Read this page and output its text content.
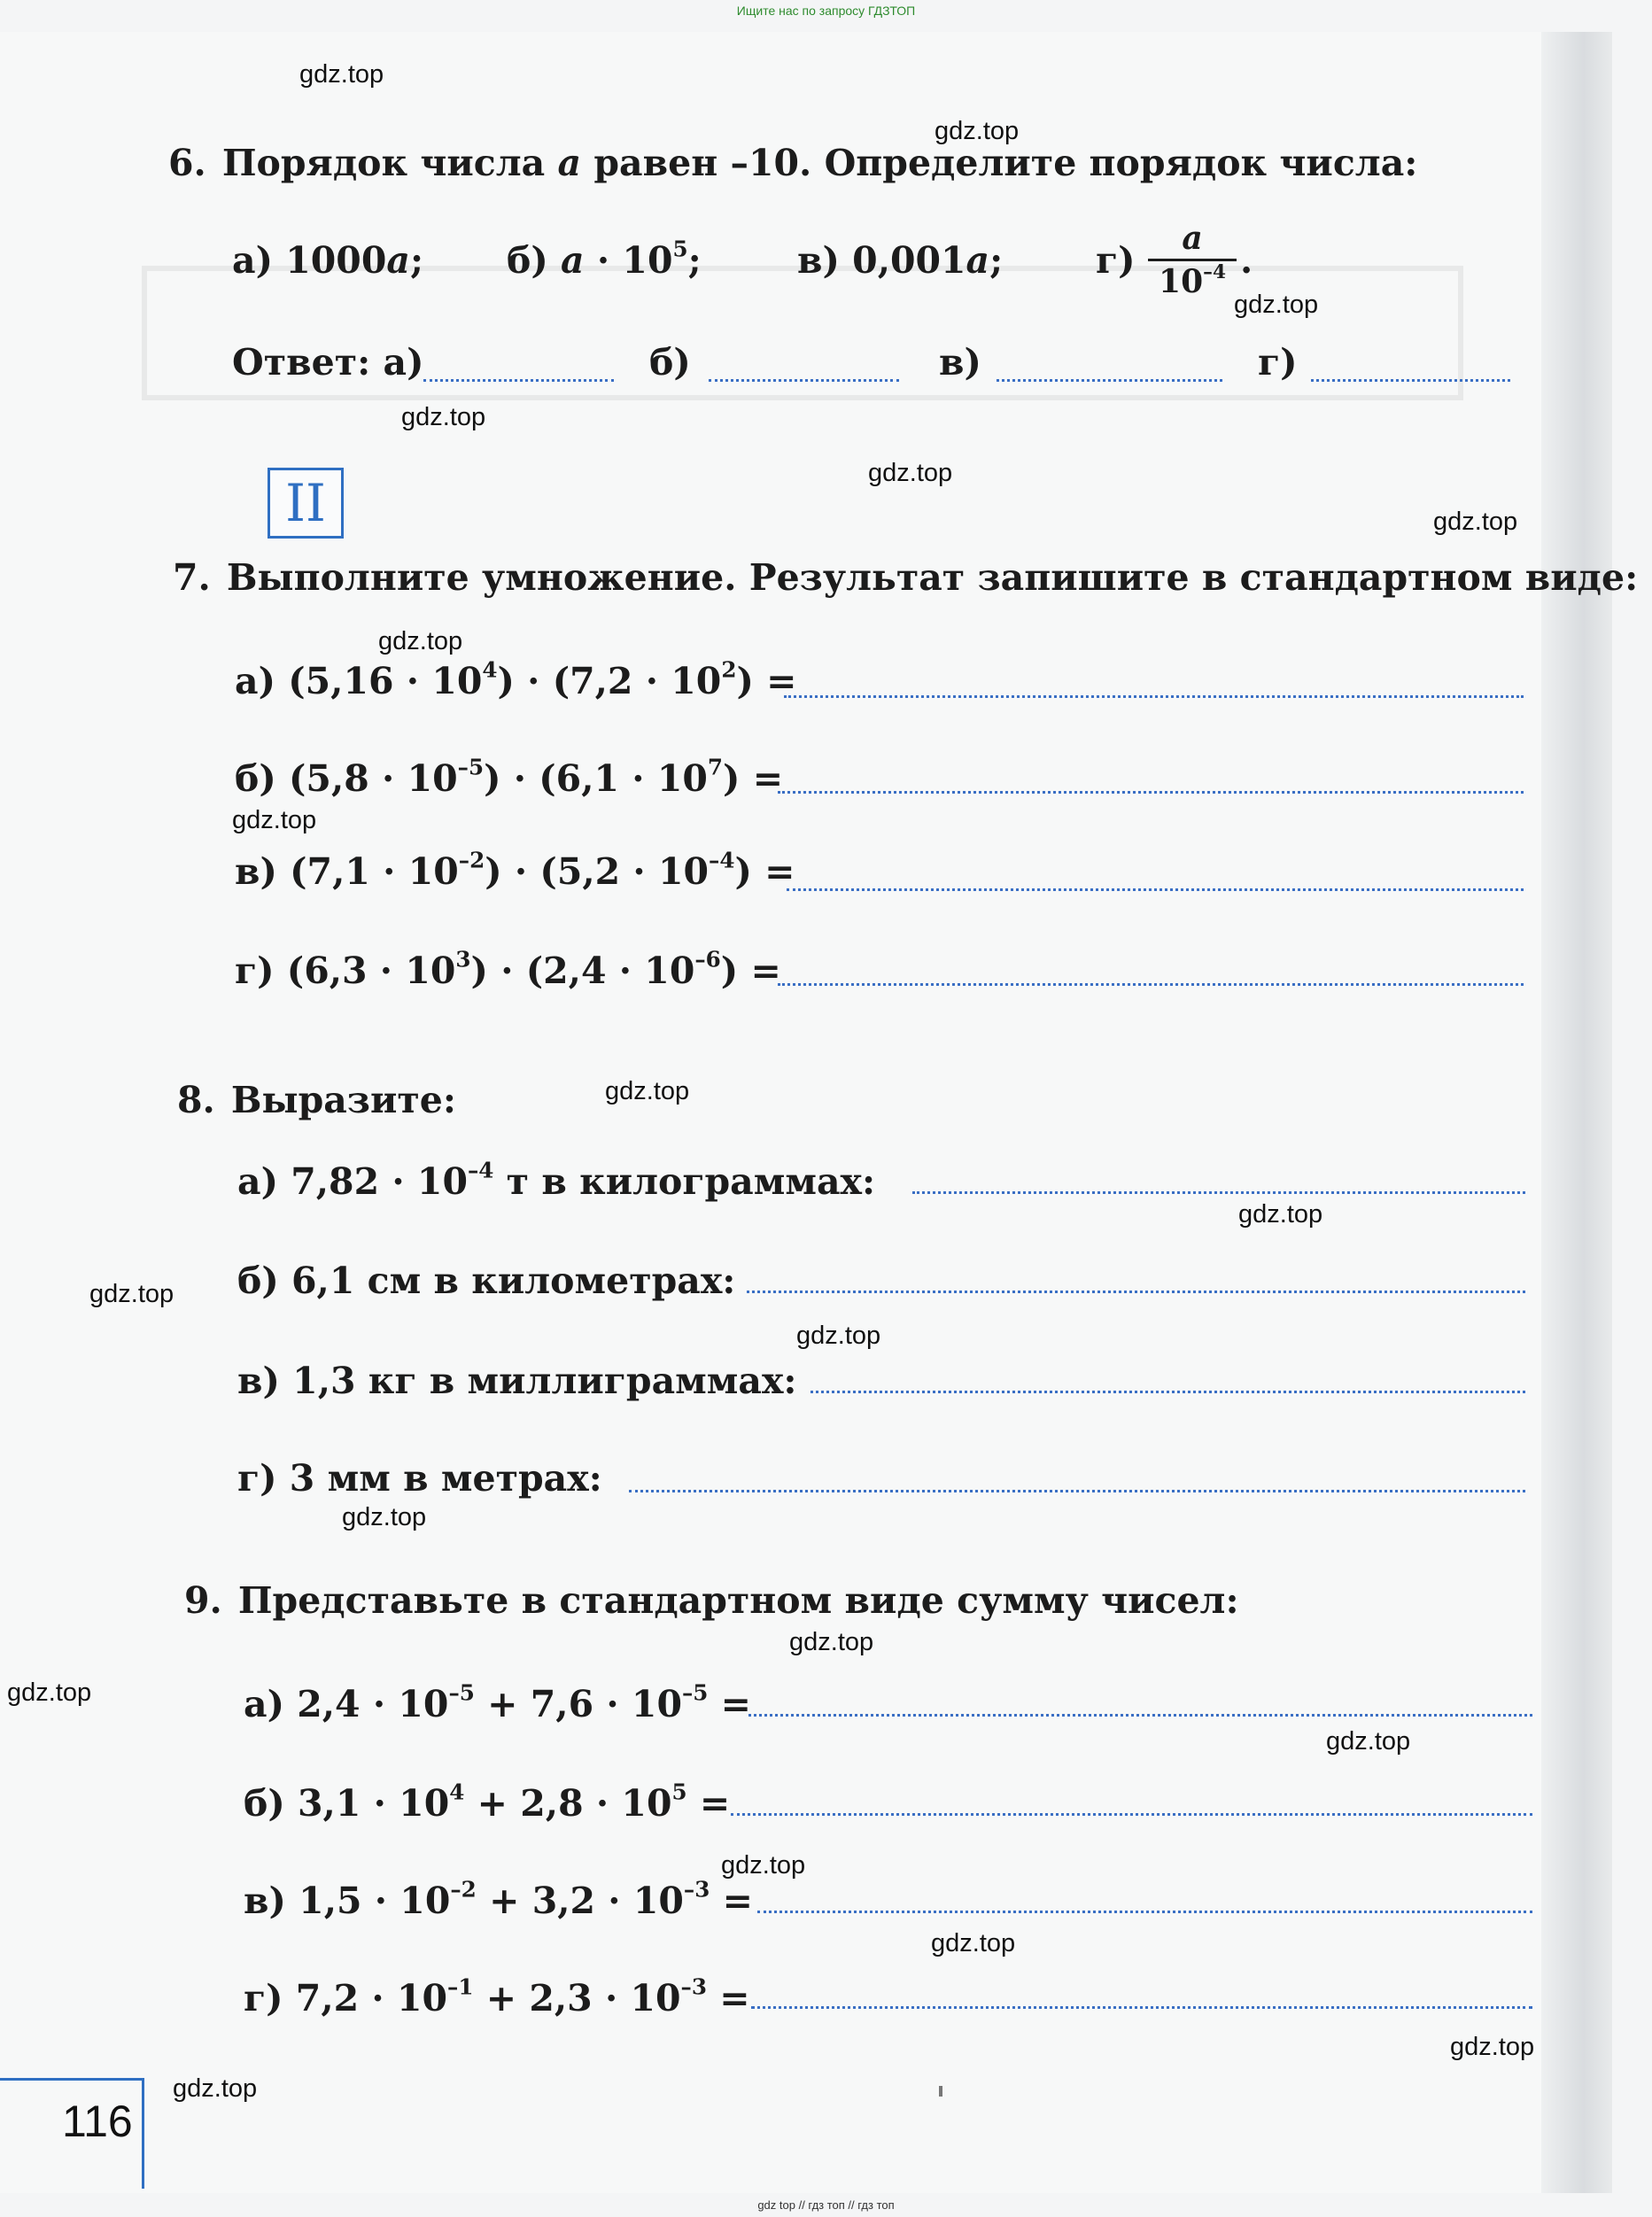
Ищите нас по запросу ГДЗТОП
6. Порядок числа a равен –10. Определите порядок числа:
а) 1000a; б) $a \cdot 10^5$;	в) 0,001a;	$г) \frac{a}{10^{-4}}$ .
Ответ: а)	б)	в)	г)
II
7. Выполните умножение. Результат запишите в стандартном виде:
а) $(5,16 \cdot 10^4) \cdot (7,2 \cdot 10^2)$ =
б) $(5,8 \cdot 10^{-5}) \cdot (6,1 \cdot 10^7)$ =
в) $(7,1 \cdot 10^{-2}) \cdot (5,2 \cdot 10^{-4})$ =
г) $(6,3 \cdot 10^3) \cdot (2,4 \cdot 10^{-6})$ =
8. Выразите:
а) $7,82 \cdot 10^{-4}$ т в килограммах:
б) 6,1 см в километрах:
в) 1,3 кг в миллиграммах:
г) 3 мм в метрах:
9. Представьте в стандартном виде сумму чисел:
а) $2,4 \cdot 10^{-5} + 7,6 \cdot 10^{-5}$ =
б) $3,1 \cdot 10^4 + 2,8 \cdot 10^5$ =
в) $1,5 \cdot 10^{-2} + 3,2 \cdot 10^{-3}$ =
г) $7,2 \cdot 10^{-1} + 2,3 \cdot 10^{-3}$ =
116
gdz.top
gdz.top
gdz.top
gdz.top
gdz.top
gdz.top
gdz.top
gdz.top
gdz.top
gdz.top
gdz.top
gdz.top
gdz.top
gdz.top
gdz.top
gdz.top
gdz.top
gdz.top
gdz.top
gdz.top
gdz top // гдз топ // гдз топ
